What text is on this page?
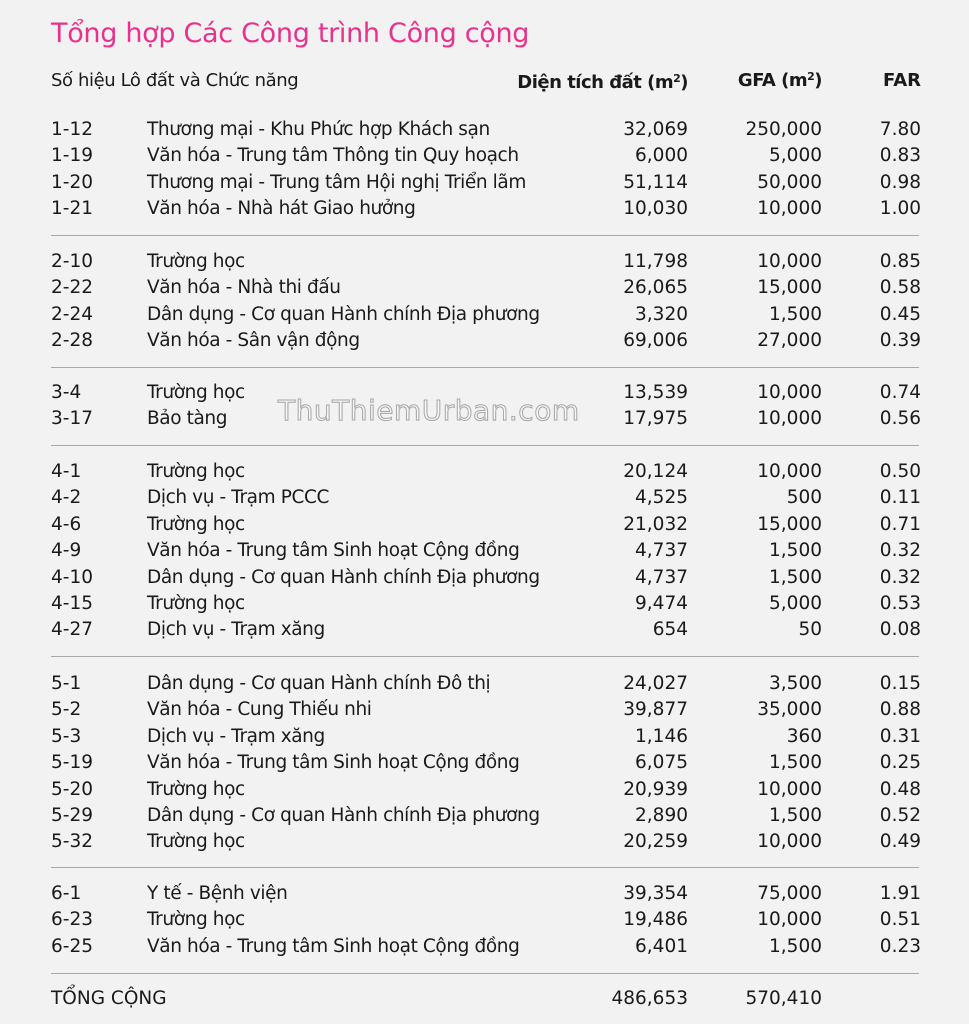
Tổng hợp Các Công trình Công cộng
Số hiệu Lô đất và Chức năng	Diện tích đất $(m^2)$	GFA $(m^2)$	FAR
1-12	Thương mại - Khu Phức hợp Khách sạn	32,069	250,000	7.80
1-19	Văn hóa - Trung tâm Thông tin Quy hoạch	6,000	5,000	0.83
1-20	Thương mại - Trung tâm Hội nghị Triển lãm	51,114	50,000	0.98
1-21	Văn hóa - Nhà hát Giao hưởng	10,030	10,000	1.00
2-10	Trường học	11,798	10,000	0.85
2-22	Văn hóa - Nhà thi đấu	26,065	15,000	0.58
2-24	Dân dụng - Cơ quan Hành chính Địa phương	3,320	1,500	0.45
2-28	Văn hóa - Sân vận động	69,006	27,000	0.39
3-4	Trường học	13,539	10,000	0.74
3-17	Bảo tàng	17,975	10,000	0.56
4-1	Trường học	20,124	10,000	0.50
4-2	Dịch vụ - Trạm PCCC	4,525	500	0.11
4-6	Trường học	21,032	15,000	0.71
4-9	Văn hóa - Trung tâm Sinh hoạt Cộng đồng	4,737	1,500	0.32
4-10	Dân dụng - Cơ quan Hành chính Địa phương	4,737	1,500	0.32
4-15	Trường học	9,474	5,000	0.53
4-27	Dịch vụ - Trạm xăng	654	50	0.08
5-1	Dân dụng - Cơ quan Hành chính Đô thị	24,027	3,500	0.15
5-2	Văn hóa - Cung Thiếu nhi	39,877	35,000	0.88
5-3	Dịch vụ - Trạm xăng	1,146	360	0.31
5-19	Văn hóa - Trung tâm Sinh hoạt Cộng đồng	6,075	1,500	0.25
5-20	Trường học	20,939	10,000	0.48
5-29	Dân dụng - Cơ quan Hành chính Địa phương	2,890	1,500	0.52
5-32	Trường học	20,259	10,000	0.49
6-1	Y tế - Bệnh viện	39,354	75,000	1.91
6-23	Trường học	19,486	10,000	0.51
6-25	Văn hóa - Trung tâm Sinh hoạt Cộng đồng	6,401	1,500	0.23
TỔNG CỘNG	486,653	570,410
ThuThiemUrban.com
